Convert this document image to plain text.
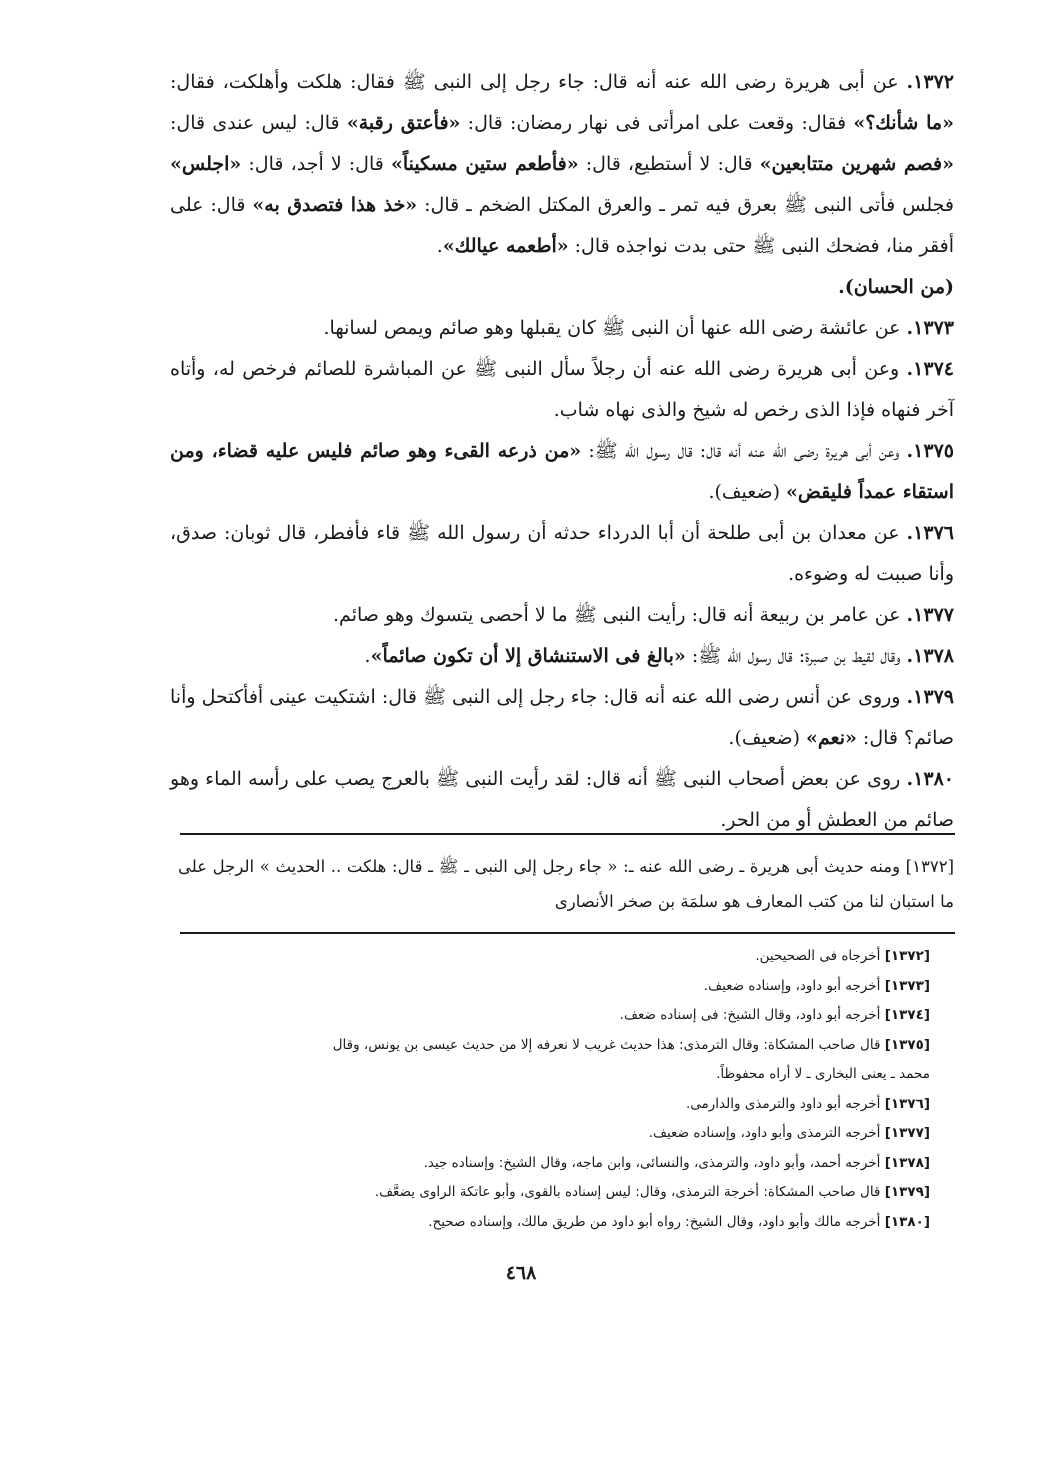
١٣٧٢. عن أبى هريرة رضى الله عنه أنه قال: جاء رجل إلى النبى ﷺ فقال: هلكت وأهلكت، فقال: «ما شأنك؟» فقال: وقعت على امرأتى فى نهار رمضان: قال: «فأعتق رقبة» قال: ليس عندى قال: «فصم شهرين متتابعين» قال: لا أستطيع، قال: «فأطعم ستين مسكيناً» قال: لا أجد، قال: «اجلس» فجلس فأتى النبى ﷺ بعرق فيه تمر ـ والعرق المكتل الضخم ـ قال: «خذ هذا فتصدق به» قال: على أفقر منا، فضحك النبى ﷺ حتى بدت نواجذه قال: «أطعمه عيالك».

(من الحسان).

١٣٧٣. عن عائشة رضى الله عنها أن النبى ﷺ كان يقبلها وهو صائم ويمص لسانها.

١٣٧٤. وعن أبى هريرة رضى الله عنه أن رجلاً سأل النبى ﷺ عن المباشرة للصائم فرخص له، وأتاه آخر فنهاه فإذا الذى رخص له شيخ والذى نهاه شاب.

١٣٧٥. وعن أبى هريرة رضى الله عنه أنه قال: قال رسول الله ﷺ: «من ذرعه القىء وهو صائم فليس عليه قضاء، ومن استقاء عمداً فليقض» (ضعيف).

١٣٧٦. عن معدان بن أبى طلحة أن أبا الدرداء حدثه أن رسول الله ﷺ قاء فأفطر، قال ثوبان: صدق، وأنا صببت له وضوءه.

١٣٧٧. عن عامر بن ربيعة أنه قال: رأيت النبى ﷺ ما لا أحصى يتسوك وهو صائم.

١٣٧٨. وقال لقيط بن صبرة: قال رسول الله ﷺ: «بالغ فى الاستنشاق إلا أن تكون صائماً».

١٣٧٩. وروى عن أنس رضى الله عنه أنه قال: جاء رجل إلى النبى ﷺ قال: اشتكيت عينى أفأكتحل وأنا صائم؟ قال: «نعم» (ضعيف).

١٣٨٠. روى عن بعض أصحاب النبى ﷺ أنه قال: لقد رأيت النبى ﷺ بالعرج يصب على رأسه الماء وهو صائم من العطش أو من الحر.

[١٣٧٢] ومنه حديث أبى هريرة ـ رضى الله عنه ـ: « جاء رجل إلى النبى ـ ﷺ ـ قال: هلكت .. الحديث » الرجل على ما استبان لنا من كتب المعارف هو سلمَة بن صخر الأنصارى

[١٣٧٢] أخرجاه فى الصحيحين.

[١٣٧٣] أخرجه أبو داود، وإسناده ضعيف.

[١٣٧٤] أخرجه أبو داود، وقال الشيخ: فى إسناده ضعف.

[١٣٧٥] قال صاحب المشكاة: وقال الترمذى: هذا حديث غريب لا نعرفه إلا من حديث عيسى بن يونس، وقال

محمد ـ يعنى البخارى ـ لا أراه محفوظاً.

[١٣٧٦] أخرجه أبو داود والترمذى والدارمى.

[١٣٧٧] أخرجه الترمذى وأبو داود، وإسناده ضعيف.

[١٣٧٨] أخرجه أحمد، وأبو داود، والترمذى، والنسائى، وابن ماجه، وقال الشيخ: وإسناده جيد.

[١٣٧٩] قال صاحب المشكاة: أخرجة الترمذى، وقال: ليس إسناده بالقوى، وأبو عاتكة الراوى يضعَّف.

[١٣٨٠] أخرجه مالك وأبو داود، وقال الشيخ: رواه أبو داود من طريق مالك، وإسناده صحيح.

٤٦٨
